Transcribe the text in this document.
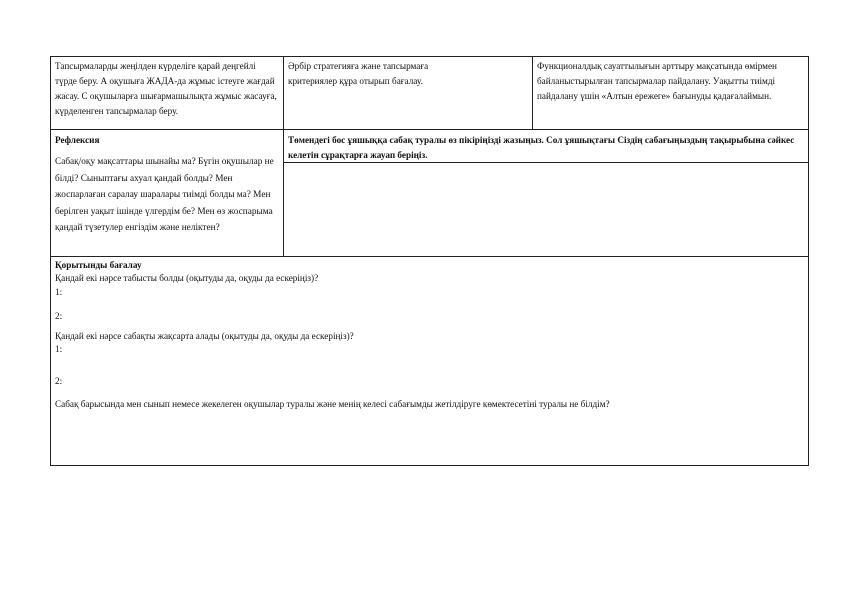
Тапсырмаларды жеңілден күрделіге қарай деңгейлі түрде беру. А оқушыға ЖАДА-да жұмыс істеуге жағдай жасау. С оқушыларға шығармашылықта жұмыс жасауға, күрделенген тапсырмалар беру.

Әрбір стратегияға және тапсырмаға критериялер құра отырып бағалау.

Функционалдық сауаттылығын арттыру мақсатында өмірмен байланыстырылған тапсырмалар пайдалану. Уақытты тиімді пайдалану үшін «Алтын ережеге» бағынуды қадағалаймын.

Рефлексия

Сабақ/оқу мақсаттары шынайы ма? Бүгін оқушылар не білді? Сыныптағы ахуал қандай болды? Мен жоспарлаған саралау шаралары тиімді болды ма? Мен берілген уақыт ішінде үлгердім бе? Мен өз жоспарыма қандай түзетулер енгіздім және неліктен?

Төмендегі бос ұяшыққа сабақ туралы өз пікіріңізді жазыңыз. Сол ұяшықтағы Сіздің сабағыңыздың тақырыбына сәйкес келетін сұрақтарға жауап беріңіз.

Қорытынды бағалау

Қандай екі нәрсе табысты болды (оқытуды да, оқуды да ескеріңіз)?

1:

2:

Қандай екі нәрсе сабақты жақсарта алады (оқытуды да, оқуды да ескеріңіз)?

1:

2:

Сабақ барысында мен сынып немесе жекелеген оқушылар туралы және менің келесі сабағымды жетілдіруге көмектесетіні туралы не білдім?
